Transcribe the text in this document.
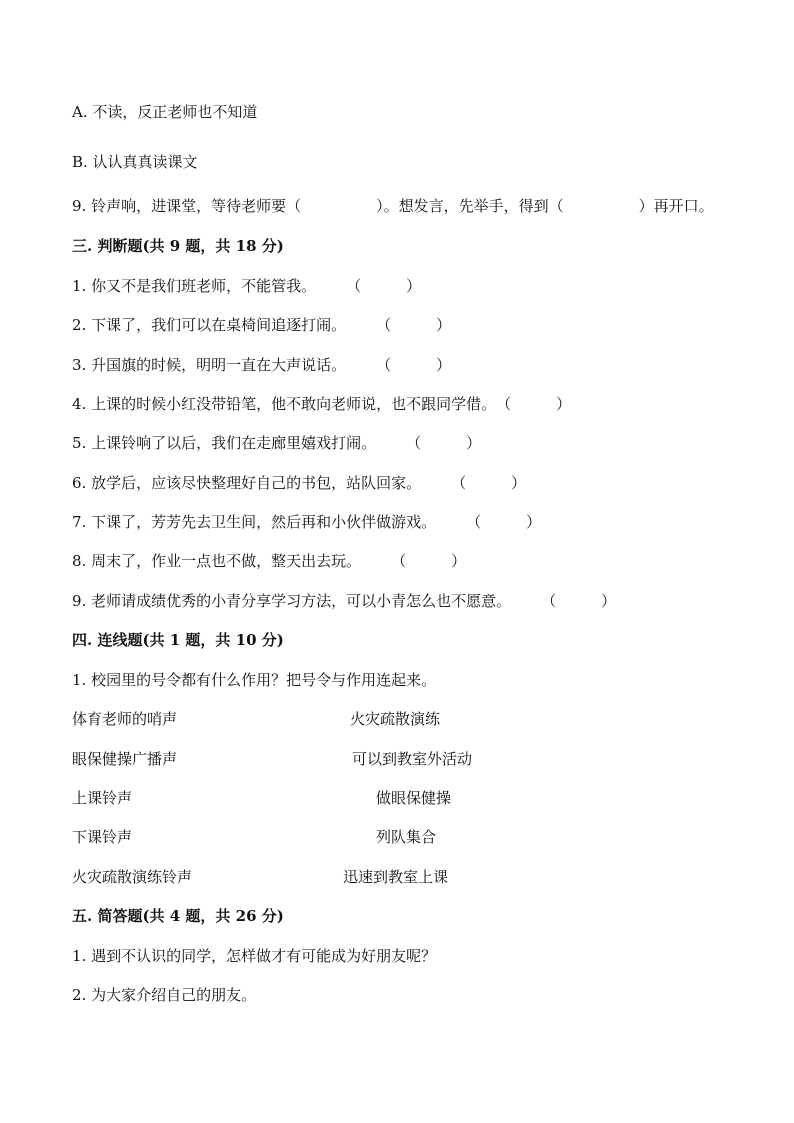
A. 不读，反正老师也不知道
B. 认认真真读课文
9. 铃声响，进课堂，等待老师要（　　　　　）。想发言，先举手，得到（　　　　　）再开口。
三. 判断题(共 9 题，共 18 分)
1. 你又不是我们班老师，不能管我。　　　（　　　）
2. 下课了，我们可以在桌椅间追逐打闹。　　　（　　　）
3. 升国旗的时候，明明一直在大声说话。　　　（　　　）
4. 上课的时候小红没带铅笔，他不敢向老师说，也不跟同学借。　（　　　）
5. 上课铃响了以后，我们在走廊里嬉戏打闹。　　　（　　　）
6. 放学后，应该尽快整理好自己的书包，站队回家。　　　（　　　）
7. 下课了，芳芳先去卫生间，然后再和小伙伴做游戏。　　　（　　　）
8. 周末了，作业一点也不做，整天出去玩。　　　（　　　）
9. 老师请成绩优秀的小青分享学习方法，可以小青怎么也不愿意。　　　（　　　）
四. 连线题(共 1 题，共 10 分)
1. 校园里的号令都有什么作用？把号令与作用连起来。
体育老师的哨声	火灾疏散演练
眼保健操广播声	可以到教室外活动
上课铃声	做眼保健操
下课铃声	列队集合
火灾疏散演练铃声	迅速到教室上课
五. 简答题(共 4 题，共 26 分)
1. 遇到不认识的同学，怎样做才有可能成为好朋友呢？
2. 为大家介绍自己的朋友。
